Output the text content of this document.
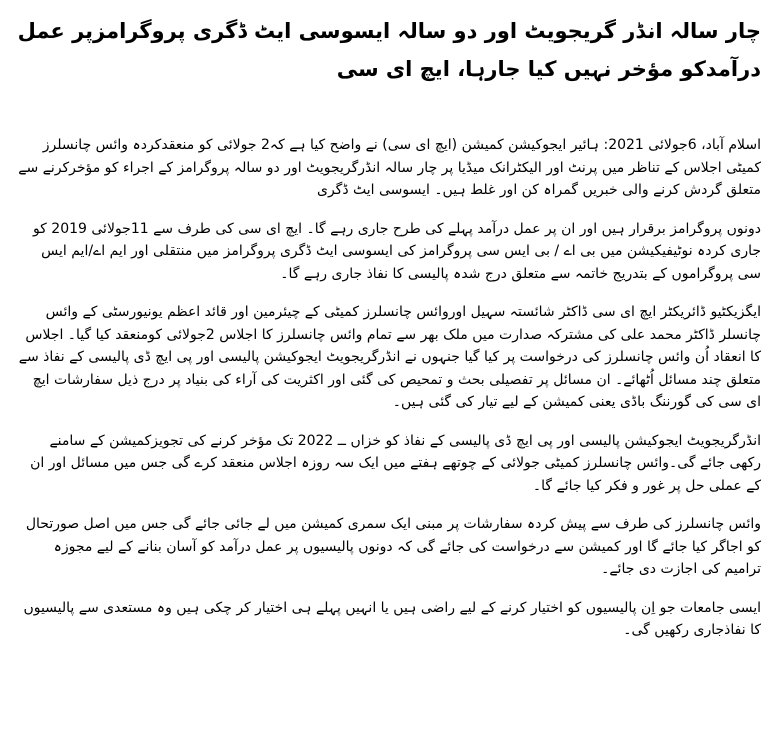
چار سالہ انڈر گریجویٹ اور دو سالہ ایسوسی ایٹ ڈگری پروگرامزپر عمل درآمدکو مؤخر نہیں کیا جارہا، ایچ ای سی

اسلام آباد، 6جولائی 2021: ہائیر ایجوکیشن کمیشن (ایچ ای سی) نے واضح کیا ہے کہ2 جولائی کو منعقدکردہ وائس چانسلرز کمیٹی اجلاس کے تناظر میں پرنٹ اور الیکٹرانک میڈیا پر چار سالہ انڈرگریجویٹ اور دو سالہ پروگرامز کے اجراء کو مؤخرکرنے سے متعلق گردش کرنے والی خبریں گمراہ کن اور غلط ہیں۔ ایسوسی ایٹ ڈگری

دونوں پروگرامز برقرار ہیں اور ان پر عمل درآمد پہلے کی طرح جاری رہے گا۔ ایچ ای سی کی طرف سے 11جولائی 2019 کو جاری کردہ نوٹیفیکیشن میں بی اے / بی ایس سی پروگرامز کی ایسوسی ایٹ ڈگری پروگرامز میں منتقلی اور ایم اے/ایم ایس سی پروگراموں کے بتدریج خاتمہ سے متعلق درج شدہ پالیسی کا نفاذ جاری رہے گا۔

ایگزیکٹیو ڈائریکٹر ایچ ای سی ڈاکٹر شائستہ سہیل اوروائس چانسلرز کمیٹی کے چیئرمین اور قائد اعظم یونیورسٹی کے وائس چانسلر ڈاکٹر محمد علی کی مشترکہ صدارت میں ملک بھر سے تمام وائس چانسلرز کا اجلاس 2جولائی کومنعقد کیا گیا۔ اجلاس کا انعقاد اُن وائس چانسلرز کی درخواست پر کیا گیا جنہوں نے انڈرگریجویٹ ایجوکیشن پالیسی اور پی ایچ ڈی پالیسی کے نفاذ سے متعلق چند مسائل اُٹھائے۔ ان مسائل پر تفصیلی بحث و تمحیص کی گئی اور اکثریت کی آراء کی بنیاد پر درج ذیل سفارشات ایچ ای سی کی گورننگ باڈی یعنی کمیشن کے لیے تیار کی گئی ہیں۔

انڈرگریجویٹ ایجوکیشن پالیسی اور پی ایچ ڈی پالیسی کے نفاذ کو خزاں ــ 2022 تک مؤخر کرنے کی تجویزکمیشن کے سامنے رکھی جائے گی۔وائس چانسلرز کمیٹی جولائی کے چوتھے ہفتے میں ایک سہ روزہ اجلاس منعقد کرے گی جس میں مسائل اور ان کے عملی حل پر غور و فکر کیا جائے گا۔

وائس چانسلرز کی طرف سے پیش کردہ سفارشات پر مبنی ایک سمری کمیشن میں لے جائی جائے گی جس میں اصل صورتحال کو اجاگر کیا جائے گا اور کمیشن سے درخواست کی جائے گی کہ دونوں پالیسیوں پر عمل درآمد کو آسان بنانے کے لیے مجوزہ ترامیم کی اجازت دی جائے۔

ایسی جامعات جو اِن پالیسیوں کو اختیار کرنے کے لیے راضی ہیں یا انہیں پہلے ہی اختیار کر چکی ہیں وہ مستعدی سے پالیسیوں کا نفاذجاری رکھیں گی۔
